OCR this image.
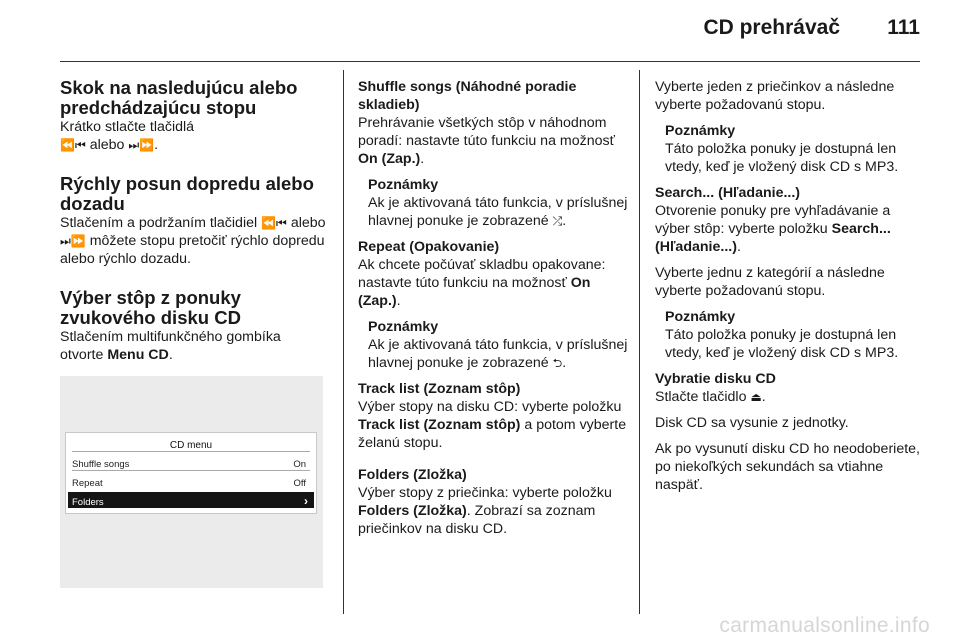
CD prehrávač 111
Skok na nasledujúcu alebo predchádzajúcu stopu

Krátko stlačte tlačidlá
⏪⏮ alebo ⏭⏩.

Rýchly posun dopredu alebo dozadu

Stlačením a podržaním tlačidiel ⏪⏮ alebo ⏭⏩ môžete stopu pretočiť rýchlo dopredu alebo rýchlo dozadu.

Výber stôp z ponuky zvukového disku CD

Stlačením multifunkčného gombíka otvorte Menu CD.

CD menu
Shuffle songs	On
Repeat	Off
Folders	›
Shuffle songs (Náhodné poradie skladieb)

Prehrávanie všetkých stôp v náhodnom poradí: nastavte túto funkciu na možnosť On (Zap.).

Poznámky
Ak je aktivovaná táto funkcia, v príslušnej hlavnej ponuke je zobrazené ⤮.
Repeat (Opakovanie)

Ak chcete počúvať skladbu opakovane: nastavte túto funkciu na možnosť On (Zap.).

Poznámky
Ak je aktivovaná táto funkcia, v príslušnej hlavnej ponuke je zobrazené ⮌.
Track list (Zoznam stôp)

Výber stopy na disku CD: vyberte položku Track list (Zoznam stôp) a potom vyberte želanú stopu.

Folders (Zložka)

Výber stopy z priečinka: vyberte položku Folders (Zložka). Zobrazí sa zoznam priečinkov na disku CD.

Vyberte jeden z priečinkov a následne vyberte požadovanú stopu.

Poznámky
Táto položka ponuky je dostupná len vtedy, keď je vložený disk CD s MP3.
Search... (Hľadanie...)

Otvorenie ponuky pre vyhľadávanie a výber stôp: vyberte položku Search... (Hľadanie...).

Vyberte jednu z kategórií a následne vyberte požadovanú stopu.

Poznámky
Táto položka ponuky je dostupná len vtedy, keď je vložený disk CD s MP3.
Vybratie disku CD

Stlačte tlačidlo ⏏.

Disk CD sa vysunie z jednotky.

Ak po vysunutí disku CD ho neodoberiete, po niekoľkých sekundách sa vtiahne naspäť.

carmanualsonline.info
